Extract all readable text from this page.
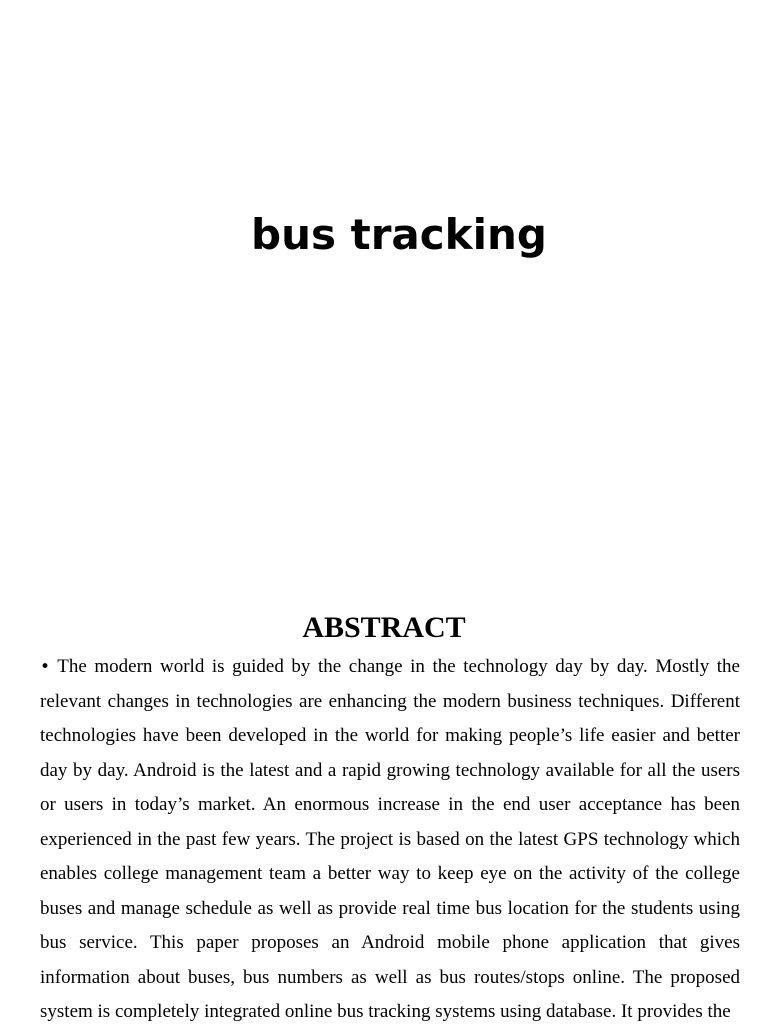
bus tracking
ABSTRACT

• The modern world is guided by the change in the technology day by day. Mostly the relevant changes in technologies are enhancing the modern business techniques. Different technologies have been developed in the world for making people’s life easier and better day by day. Android is the latest and a rapid growing technology available for all the users or users in today’s market. An enormous increase in the end user acceptance has been experienced in the past few years. The project is based on the latest GPS technology which enables college management team a better way to keep eye on the activity of the college buses and manage schedule as well as provide real time bus location for the students using bus service. This paper proposes an Android mobile phone application that gives information about buses, bus numbers as well as bus routes/stops online. The proposed system is completely integrated online bus tracking systems using database. It provides the
